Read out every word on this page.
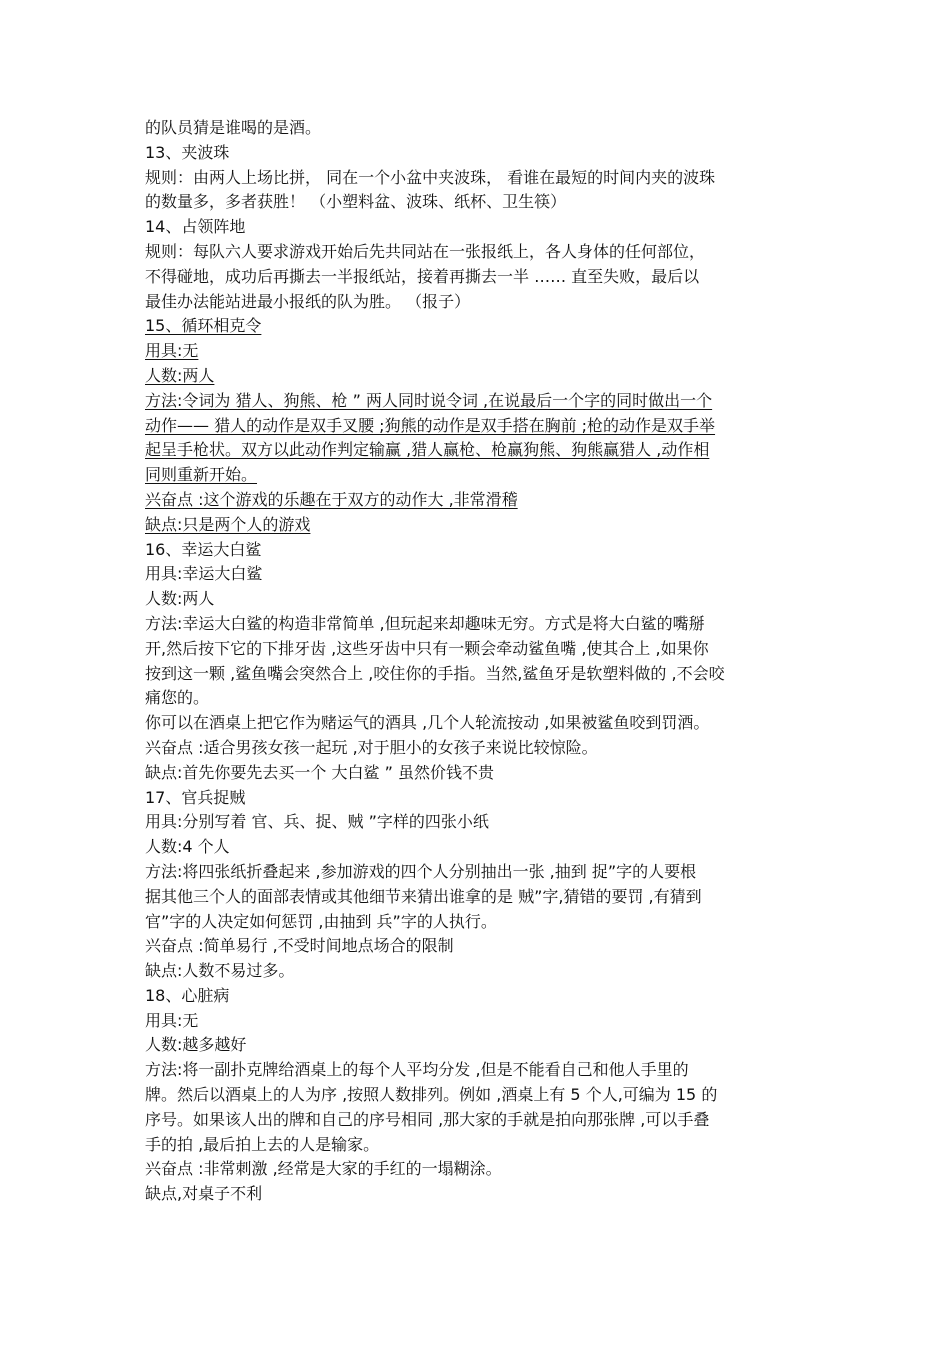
的队员猜是谁喝的是酒。
13、夹波珠
规则：由两人上场比拼， 同在一个小盆中夹波珠， 看谁在最短的时间内夹的波珠
的数量多，多者获胜！ （小塑料盆、波珠、纸杯、卫生筷）
14、占领阵地
规则：每队六人要求游戏开始后先共同站在一张报纸上，各人身体的任何部位，
不得碰地，成功后再撕去一半报纸站，接着再撕去一半 …… 直至失败，最后以
最佳办法能站进最小报纸的队为胜。 （报子）
15、循环相克令
用具:无
人数:两人
方法:令词为 猎人、狗熊、枪 ” 两人同时说令词 ,在说最后一个字的同时做出一个
动作—— 猎人的动作是双手叉腰 ;狗熊的动作是双手搭在胸前 ;枪的动作是双手举
起呈手枪状。双方以此动作判定输赢 ,猎人赢枪、枪赢狗熊、狗熊赢猎人 ,动作相
同则重新开始。
兴奋点 :这个游戏的乐趣在于双方的动作大 ,非常滑稽
缺点:只是两个人的游戏
16、幸运大白鲨
用具:幸运大白鲨
人数:两人
方法:幸运大白鲨的构造非常简单 ,但玩起来却趣味无穷。方式是将大白鲨的嘴掰
开,然后按下它的下排牙齿 ,这些牙齿中只有一颗会牵动鲨鱼嘴 ,使其合上 ,如果你
按到这一颗 ,鲨鱼嘴会突然合上 ,咬住你的手指。当然,鲨鱼牙是软塑料做的 ,不会咬
痛您的。
你可以在酒桌上把它作为赌运气的酒具 ,几个人轮流按动 ,如果被鲨鱼咬到罚酒。
兴奋点 :适合男孩女孩一起玩 ,对于胆小的女孩子来说比较惊险。
缺点:首先你要先去买一个 大白鲨 ” 虽然价钱不贵
17、官兵捉贼
用具:分别写着 官、兵、捉、贼 ”字样的四张小纸
人数:4 个人
方法:将四张纸折叠起来 ,参加游戏的四个人分别抽出一张 ,抽到 捉”字的人要根
据其他三个人的面部表情或其他细节来猜出谁拿的是 贼”字,猜错的要罚 ,有猜到
官”字的人决定如何惩罚 ,由抽到 兵”字的人执行。
兴奋点 :简单易行 ,不受时间地点场合的限制
缺点:人数不易过多。
18、心脏病
用具:无
人数:越多越好
方法:将一副扑克牌给酒桌上的每个人平均分发 ,但是不能看自己和他人手里的
牌。然后以酒桌上的人为序 ,按照人数排列。例如 ,酒桌上有 5 个人,可编为 15 的
序号。如果该人出的牌和自己的序号相同 ,那大家的手就是拍向那张牌 ,可以手叠
手的拍 ,最后拍上去的人是输家。
兴奋点 :非常刺激 ,经常是大家的手红的一塌糊涂。
缺点,对桌子不利
